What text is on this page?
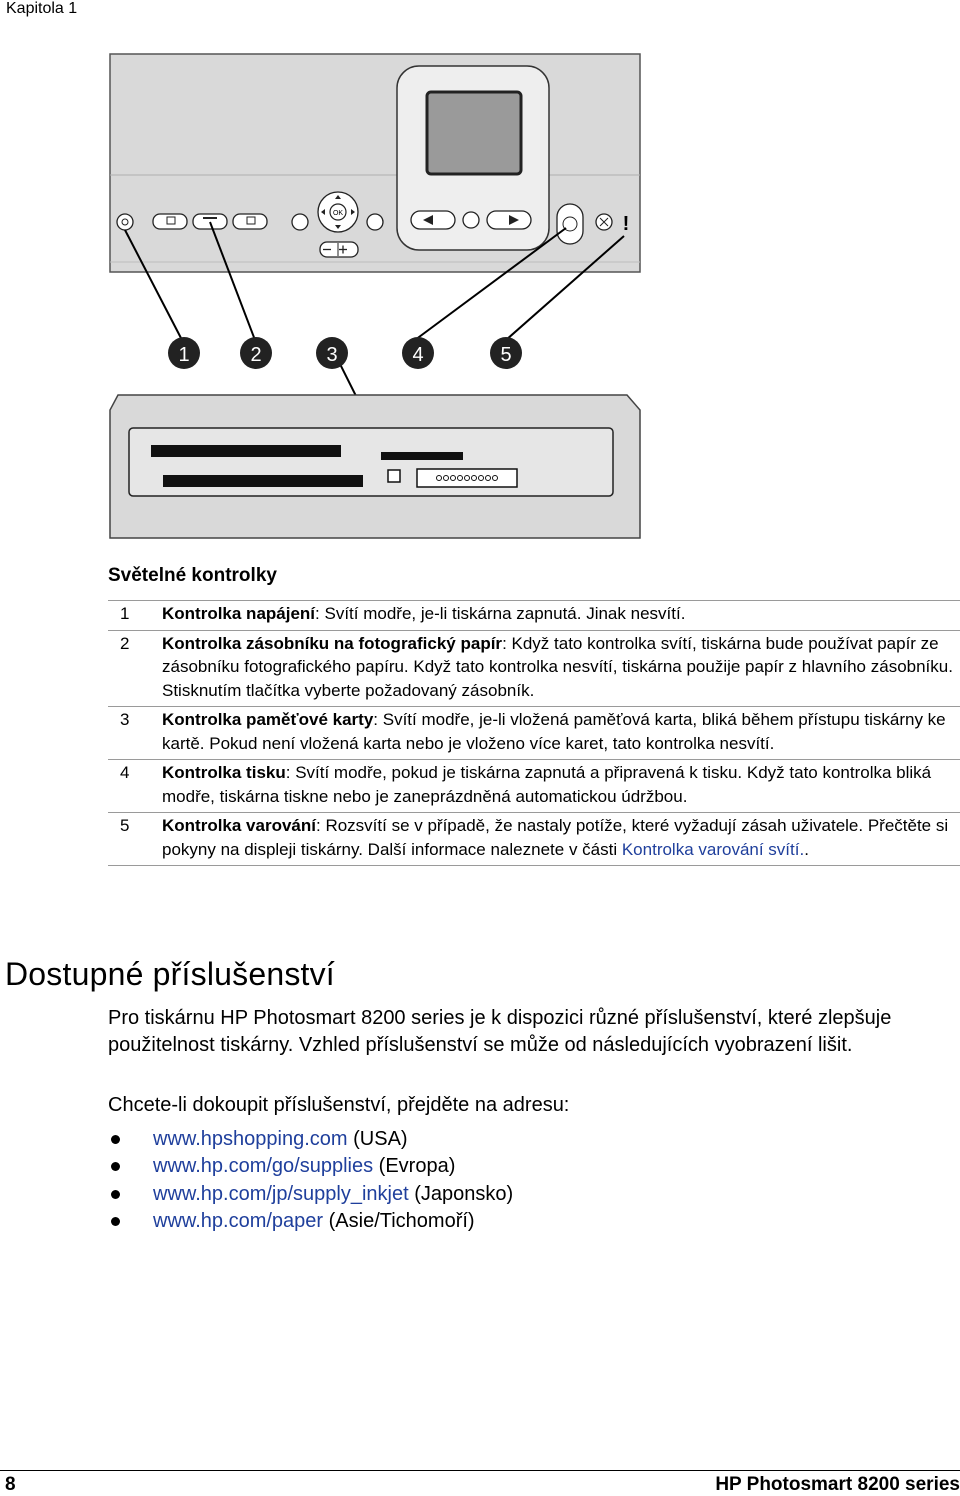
Kapitola 1
OK	!
1	2	3	4	5
Světelné kontrolky
1	Kontrolka napájení: Svítí modře, je-li tiskárna zapnutá. Jinak nesvítí.
2	Kontrolka zásobníku na fotografický papír: Když tato kontrolka svítí, tiskárna bude používat papír ze zásobníku fotografického papíru. Když tato kontrolka nesvítí, tiskárna použije papír z hlavního zásobníku. Stisknutím tlačítka vyberte požadovaný zásobník.
3	Kontrolka paměťové karty: Svítí modře, je-li vložená paměťová karta, bliká během přístupu tiskárny ke kartě. Pokud není vložená karta nebo je vloženo více karet, tato kontrolka nesvítí.
4	Kontrolka tisku: Svítí modře, pokud je tiskárna zapnutá a připravená k tisku. Když tato kontrolka bliká modře, tiskárna tiskne nebo je zaneprázdněná automatickou údržbou.
5	Kontrolka varování: Rozsvítí se v případě, že nastaly potíže, které vyžadují zásah uživatele. Přečtěte si pokyny na displeji tiskárny. Další informace naleznete v části Kontrolka varování svítí..
Dostupné příslušenství
Pro tiskárnu HP Photosmart 8200 series je k dispozici různé příslušenství, které zlepšuje použitelnost tiskárny. Vzhled příslušenství se může od následujících vyobrazení lišit.
Chcete-li dokoupit příslušenství, přejděte na adresu:
www.hpshopping.com (USA)
www.hp.com/go/supplies (Evropa)
www.hp.com/jp/supply_inkjet (Japonsko)
www.hp.com/paper (Asie/Tichomoří)
8	HP Photosmart 8200 series
